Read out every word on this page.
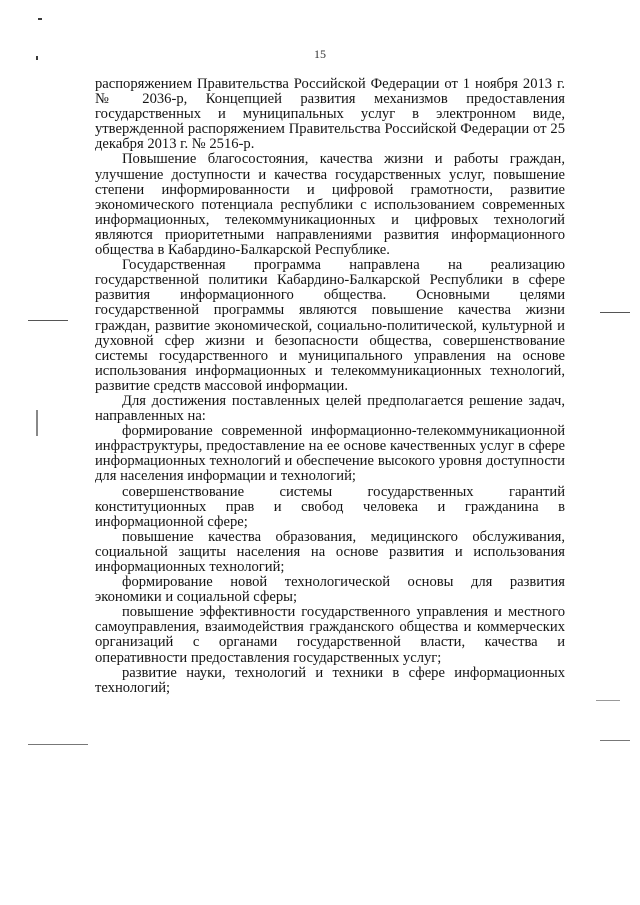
15

распоряжением Правительства Российской Федерации от 1 ноября 2013 г. № 2036-р, Концепцией развития механизмов предоставления государственных и муниципальных услуг в электронном виде, утвержденной распоряжением Правительства Российской Федерации от 25 декабря 2013 г. № 2516-р.

Повышение благосостояния, качества жизни и работы граждан, улучшение доступности и качества государственных услуг, повышение степени информированности и цифровой грамотности, развитие экономического потенциала республики с использованием современных информационных, телекоммуникационных и цифровых технологий являются приоритетными направлениями развития информационного общества в Кабардино-Балкарской Республике.

Государственная программа направлена на реализацию государственной политики Кабардино-Балкарской Республики в сфере развития информационного общества. Основными целями государственной программы являются повышение качества жизни граждан, развитие экономической, социально-политической, культурной и духовной сфер жизни и безопасности общества, совершенствование системы государственного и муниципального управления на основе использования информационных и телекоммуникационных технологий, развитие средств массовой информации.

Для достижения поставленных целей предполагается решение задач, направленных на:

формирование современной информационно-телекоммуникационной инфраструктуры, предоставление на ее основе качественных услуг в сфере информационных технологий и обеспечение высокого уровня доступности для населения информации и технологий;

совершенствование системы государственных гарантий конституционных прав и свобод человека и гражданина в информационной сфере;

повышение качества образования, медицинского обслуживания, социальной защиты населения на основе развития и использования информационных технологий;

формирование новой технологической основы для развития экономики и социальной сферы;

повышение эффективности государственного управления и местного самоуправления, взаимодействия гражданского общества и коммерческих организаций с органами государственной власти, качества и оперативности предоставления государственных услуг;

развитие науки, технологий и техники в сфере информационных технологий;
